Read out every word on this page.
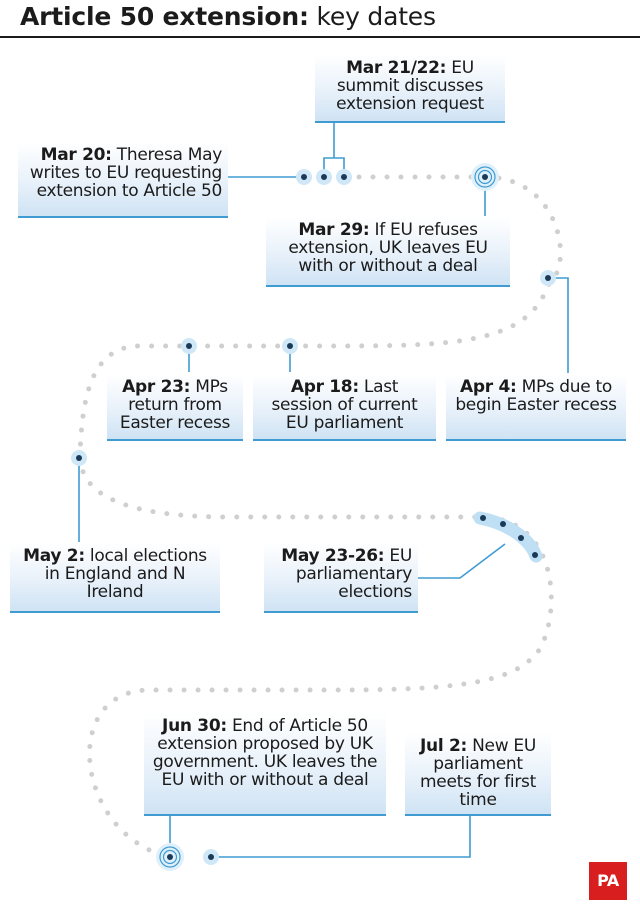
Article 50 extension: key dates
Mar 21/22: EU summit discusses extension request
Mar 20: Theresa May writes to EU requesting extension to Article 50
Mar 29: If EU refuses extension, UK leaves EU with or without a deal
Apr 23: MPs return from Easter recess
Apr 18: Last session of current EU parliament
Apr 4: MPs due to begin Easter recess
May 2: local elections in England and N Ireland
May 23-26: EU parliamentary elections
Jun 30: End of Article 50 extension proposed by UK government. UK leaves the EU with or without a deal
Jul 2: New EU parliament meets for first time
PA
